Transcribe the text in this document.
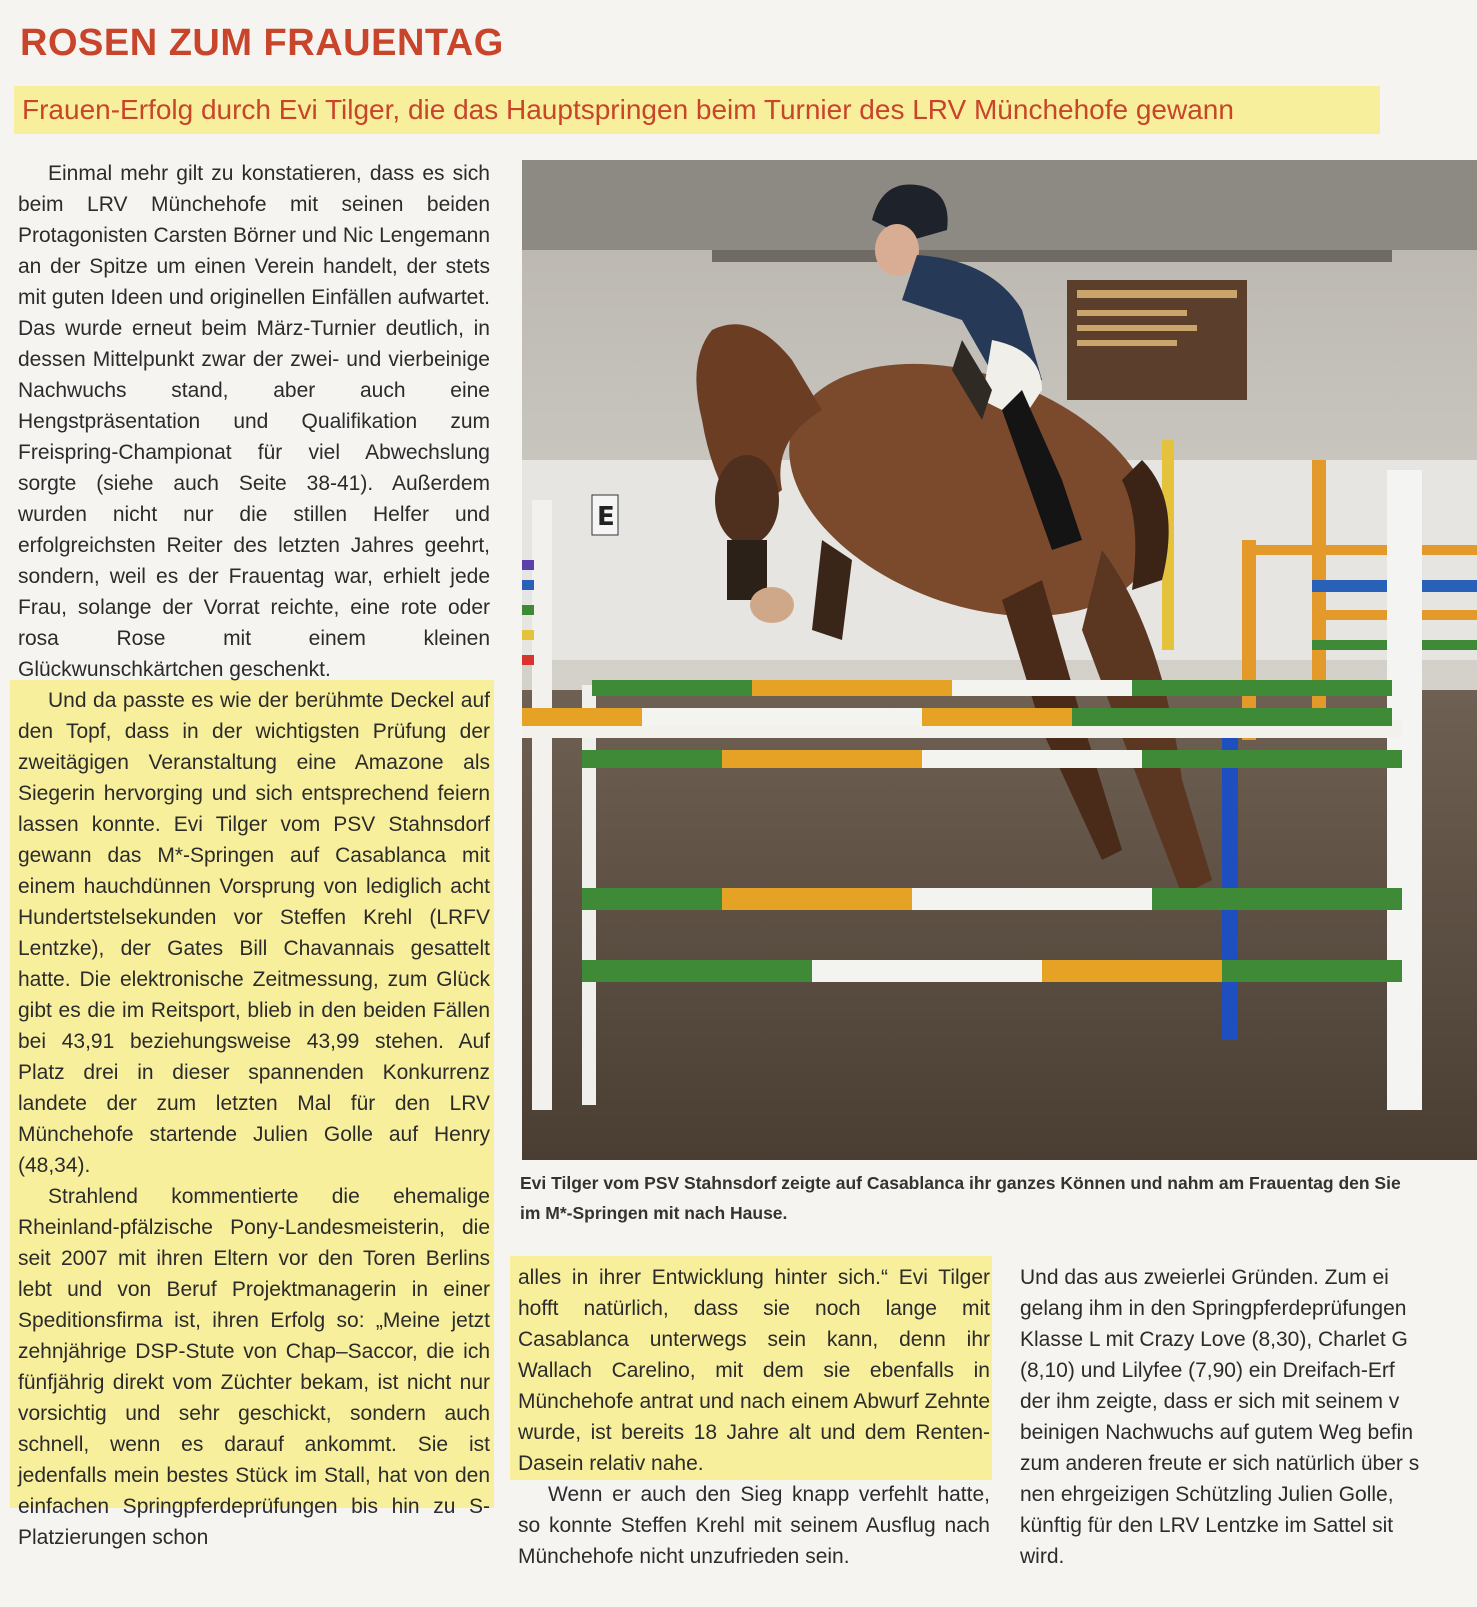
ROSEN ZUM FRAUENTAG
Frauen-Erfolg durch Evi Tilger, die das Hauptspringen beim Turnier des LRV Münchehofe gewann

Einmal mehr gilt zu konstatieren, dass es sich beim LRV Münchehofe mit seinen beiden Protagonisten Carsten Börner und Nic Lengemann an der Spitze um einen Verein handelt, der stets mit guten Ideen und originellen Einfällen aufwartet. Das wurde erneut beim März-Turnier deutlich, in dessen Mittelpunkt zwar der zwei- und vierbeinige Nachwuchs stand, aber auch eine Hengstpräsentation und Qualifikation zum Freispring-Championat für viel Abwechslung sorgte (siehe auch Seite 38-41). Außerdem wurden nicht nur die stillen Helfer und erfolgreichsten Reiter des letzten Jahres geehrt, sondern, weil es der Frauentag war, erhielt jede Frau, solange der Vorrat reichte, eine rote oder rosa Rose mit einem kleinen Glückwunschkärtchen geschenkt.

Und da passte es wie der berühmte Deckel auf den Topf, dass in der wichtigsten Prüfung der zweitägigen Veranstaltung eine Amazone als Siegerin hervorging und sich entsprechend feiern lassen konnte. Evi Tilger vom PSV Stahnsdorf gewann das M*-Springen auf Casablanca mit einem hauchdünnen Vorsprung von lediglich acht Hundertstelsekunden vor Steffen Krehl (LRFV Lentzke), der Gates Bill Chavannais gesattelt hatte. Die elektronische Zeitmessung, zum Glück gibt es die im Reitsport, blieb in den beiden Fällen bei 43,91 beziehungsweise 43,99 stehen. Auf Platz drei in dieser spannenden Konkurrenz landete der zum letzten Mal für den LRV Münchehofe startende Julien Golle auf Henry (48,34).

Strahlend kommentierte die ehemalige Rheinland-pfälzische Pony-Landesmeisterin, die seit 2007 mit ihren Eltern vor den Toren Berlins lebt und von Beruf Projektmanagerin in einer Speditionsfirma ist, ihren Erfolg so: „Meine jetzt zehnjährige DSP-Stute von Chap–Saccor, die ich fünfjährig direkt vom Züchter bekam, ist nicht nur vorsichtig und sehr geschickt, sondern auch schnell, wenn es darauf ankommt. Sie ist jedenfalls mein bestes Stück im Stall, hat von den einfachen Springpferdeprüfungen bis hin zu S-Platzierungen schon

E
Evi Tilger vom PSV Stahnsdorf zeigte auf Casablanca ihr ganzes Können und nahm am Frauentag den Sie
im M*-Springen mit nach Hause.

alles in ihrer Entwicklung hinter sich.“ Evi Tilger hofft natürlich, dass sie noch lange mit Casablanca unterwegs sein kann, denn ihr Wallach Carelino, mit dem sie ebenfalls in Münchehofe antrat und nach einem Abwurf Zehnte wurde, ist bereits 18 Jahre alt und dem Renten-Dasein relativ nahe.

Wenn er auch den Sieg knapp verfehlt hatte, so konnte Steffen Krehl mit seinem Ausflug nach Münchehofe nicht unzufrieden sein.

Und das aus zweierlei Gründen. Zum ei

gelang ihm in den Springpferdeprüfungen

Klasse L mit Crazy Love (8,30), Charlet G

(8,10) und Lilyfee (7,90) ein Dreifach-Erf

der ihm zeigte, dass er sich mit seinem v

beinigen Nachwuchs auf gutem Weg befin

zum anderen freute er sich natürlich über s

nen ehrgeizigen Schützling Julien Golle,

künftig für den LRV Lentzke im Sattel sit

wird.
